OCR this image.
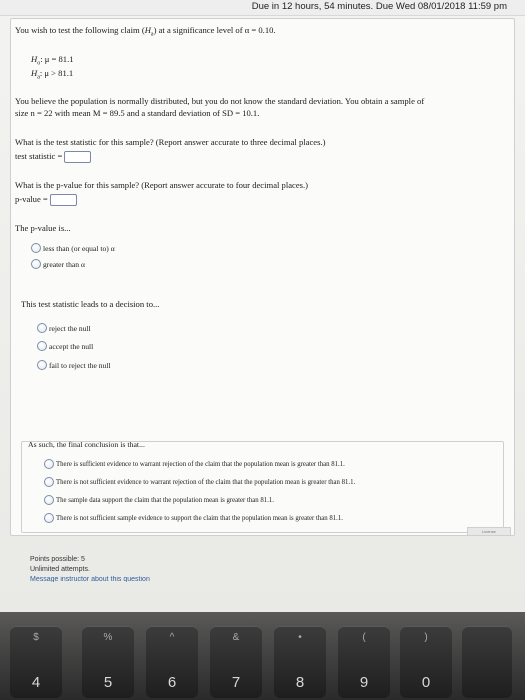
Due in 12 hours, 54 minutes. Due Wed 08/01/2018 11:59 pm
You wish to test the following claim $(H_a)$ at a significance level of α = 0.10.
$H_o$: μ = 81.1
$H_a$: μ > 81.1
You believe the population is normally distributed, but you do not know the standard deviation. You obtain a sample of
size n = 22 with mean M = 89.5 and a standard deviation of SD = 10.1.
What is the test statistic for this sample? (Report answer accurate to three decimal places.)
test statistic =
What is the p-value for this sample? (Report answer accurate to four decimal places.)
p-value =
The p-value is...
less than (or equal to) α
greater than α
This test statistic leads to a decision to...
reject the null
accept the null
fail to reject the null
As such, the final conclusion is that...
There is sufficient evidence to warrant rejection of the claim that the population mean is greater than 81.1.
There is not sufficient evidence to warrant rejection of the claim that the population mean is greater than 81.1.
The sample data support the claim that the population mean is greater than 81.1.
There is not sufficient sample evidence to support the claim that the population mean is greater than 81.1.
License
Points possible: 5
Unlimited attempts.
Message instructor about this question
$
4
%
5
^
6
&
7
•
8
(
9
)
0
